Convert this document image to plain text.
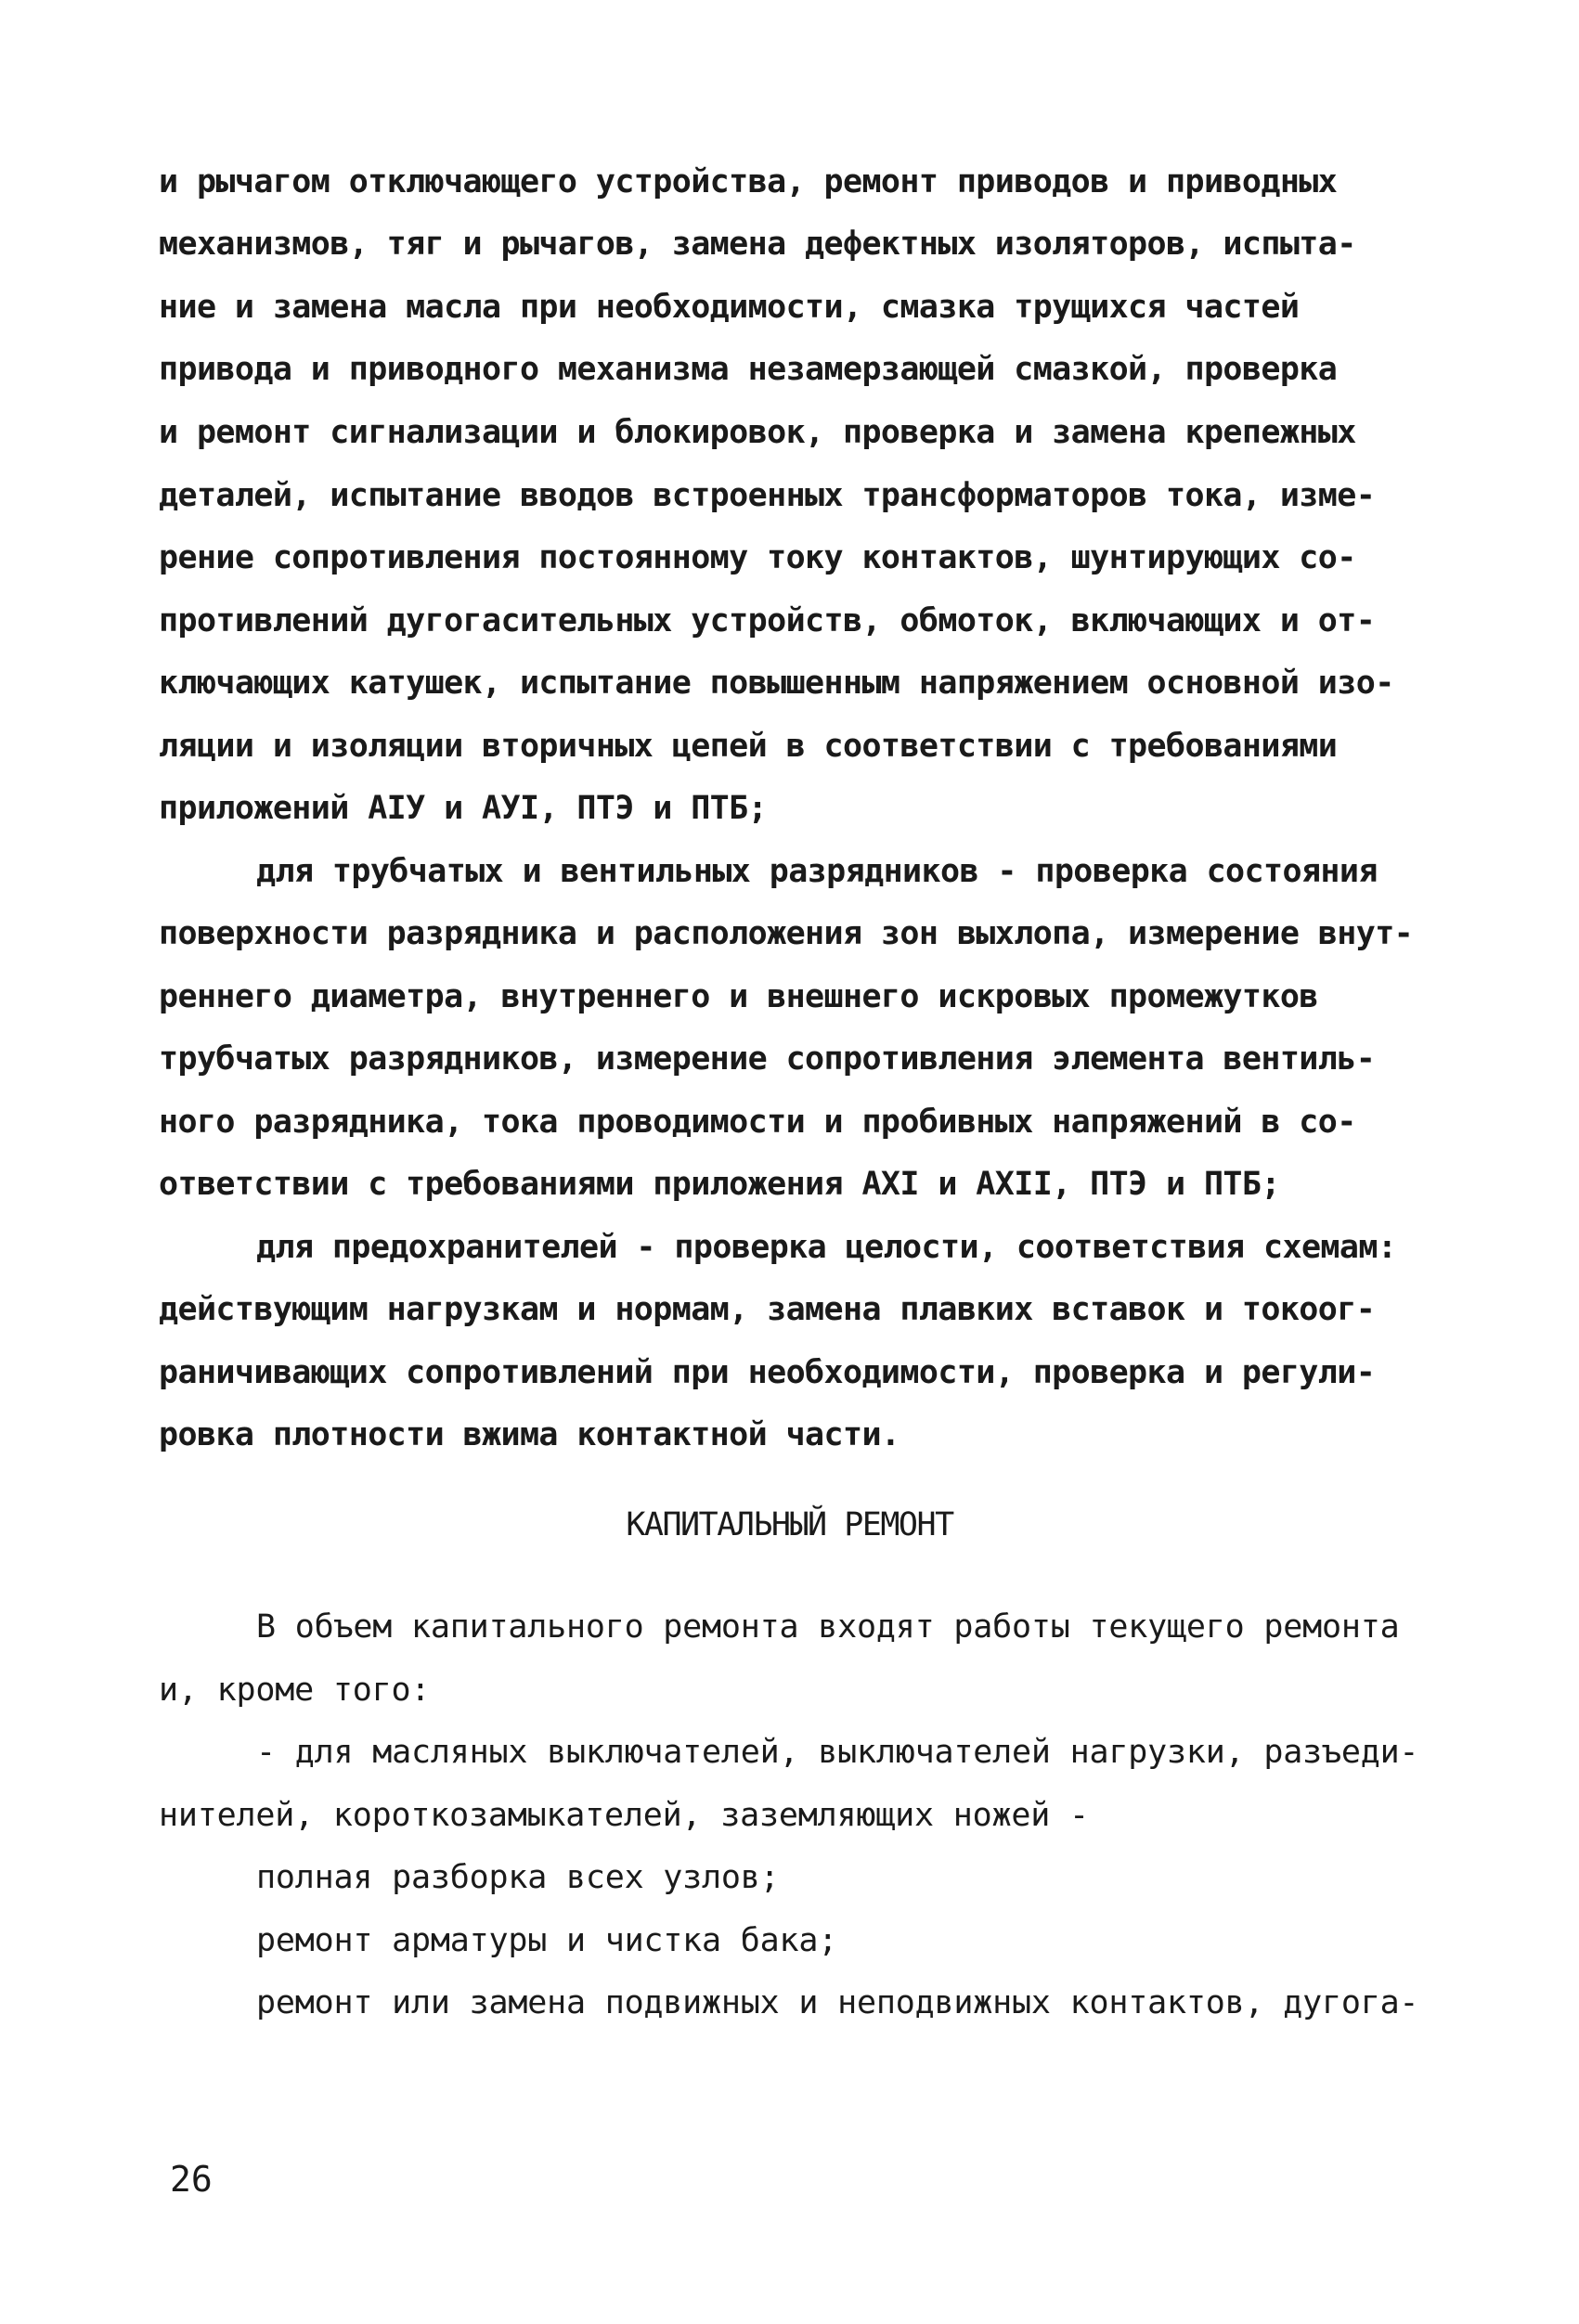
и рычагом отключающего устройства, ремонт приводов и приводных
механизмов, тяг и рычагов, замена дефектных изоляторов, испыта-
ние и замена масла при необходимости, смазка трущихся частей
привода и приводного механизма незамерзающей смазкой, проверка
и ремонт сигнализации и блокировок, проверка и замена крепежных
деталей, испытание вводов встроенных трансформаторов тока, изме-
рение сопротивления постоянному току контактов, шунтирующих со-
противлений дугогасительных устройств, обмоток, включающих и от-
ключающих катушек, испытание повышенным напряжением основной изо-
ляции и изоляции вторичных цепей в соответствии с требованиями
приложений АIУ и АУI, ПТЭ и ПТБ;
для трубчатых и вентильных разрядников - проверка состояния
поверхности разрядника и расположения зон выхлопа, измерение внут-
реннего диаметра, внутреннего и внешнего искровых промежутков
трубчатых разрядников, измерение сопротивления элемента вентиль-
ного разрядника, тока проводимости и пробивных напряжений в со-
ответствии с требованиями приложения АXI и АXII, ПТЭ и ПТБ;
для предохранителей - проверка целости, соответствия схемам:
действующим нагрузкам и нормам, замена плавких вставок и токоог-
раничивающих сопротивлений при необходимости, проверка и регули-
ровка плотности вжима контактной части.
КАПИТАЛЬНЫЙ РЕМОНТ
В объем капитального ремонта входят работы текущего ремонта
и, кроме того:
- для масляных выключателей, выключателей нагрузки, разъеди-
нителей, короткозамыкателей, заземляющих ножей -
полная разборка всех узлов;
ремонт арматуры и чистка бака;
ремонт или замена подвижных и неподвижных контактов, дугога-
26
